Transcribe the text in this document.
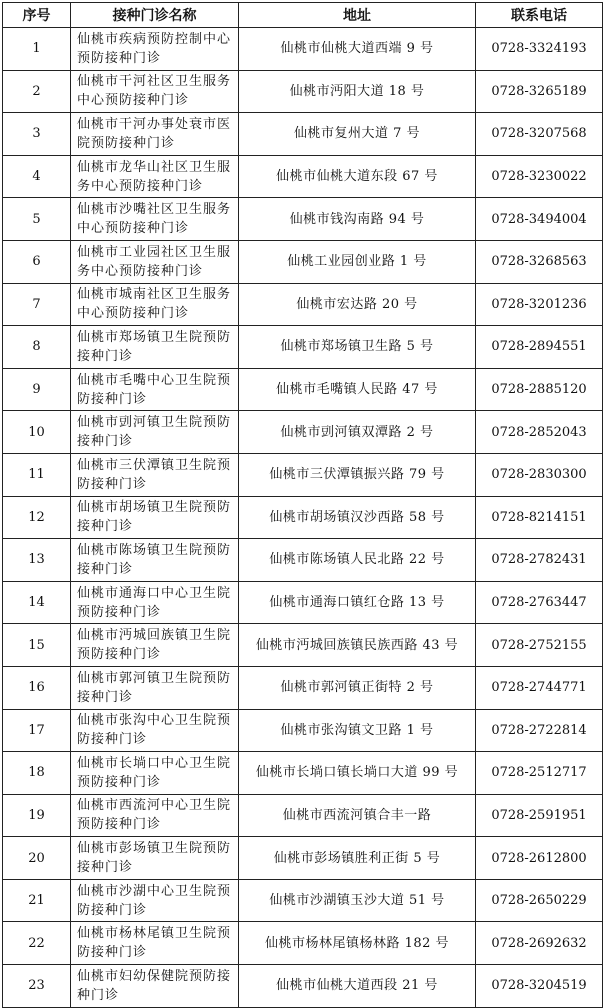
序号	接种门诊名称	地址	联系电话
1	仙桃市疾病预防控制中心预防接种门诊	仙桃市仙桃大道西端 9 号	0728-3324193
2	仙桃市干河社区卫生服务中心预防接种门诊	仙桃市沔阳大道 18 号	0728-3265189
3	仙桃市干河办事处衰市医院预防接种门诊	仙桃市复州大道 7 号	0728-3207568
4	仙桃市龙华山社区卫生服务中心预防接种门诊	仙桃市仙桃大道东段 67 号	0728-3230022
5	仙桃市沙嘴社区卫生服务中心预防接种门诊	仙桃市钱沟南路 94 号	0728-3494004
6	仙桃市工业园社区卫生服务中心预防接种门诊	仙桃工业园创业路 1 号	0728-3268563
7	仙桃市城南社区卫生服务中心预防接种门诊	仙桃市宏达路 20 号	0728-3201236
8	仙桃市郑场镇卫生院预防接种门诊	仙桃市郑场镇卫生路 5 号	0728-2894551
9	仙桃市毛嘴中心卫生院预防接种门诊	仙桃市毛嘴镇人民路 47 号	0728-2885120
10	仙桃市剅河镇卫生院预防接种门诊	仙桃市剅河镇双潭路 2 号	0728-2852043
11	仙桃市三伏潭镇卫生院预防接种门诊	仙桃市三伏潭镇振兴路 79 号	0728-2830300
12	仙桃市胡场镇卫生院预防接种门诊	仙桃市胡场镇汉沙西路 58 号	0728-8214151
13	仙桃市陈场镇卫生院预防接种门诊	仙桃市陈场镇人民北路 22 号	0728-2782431
14	仙桃市通海口中心卫生院预防接种门诊	仙桃市通海口镇红仓路 13 号	0728-2763447
15	仙桃市沔城回族镇卫生院预防接种门诊	仙桃市沔城回族镇民族西路 43 号	0728-2752155
16	仙桃市郭河镇卫生院预防接种门诊	仙桃市郭河镇正街特 2 号	0728-2744771
17	仙桃市张沟中心卫生院预防接种门诊	仙桃市张沟镇文卫路 1 号	0728-2722814
18	仙桃市长埫口中心卫生院预防接种门诊	仙桃市长埫口镇长埫口大道 99 号	0728-2512717
19	仙桃市西流河中心卫生院预防接种门诊	仙桃市西流河镇合丰一路	0728-2591951
20	仙桃市彭场镇卫生院预防接种门诊	仙桃市彭场镇胜利正街 5 号	0728-2612800
21	仙桃市沙湖中心卫生院预防接种门诊	仙桃市沙湖镇玉沙大道 51 号	0728-2650229
22	仙桃市杨林尾镇卫生院预防接种门诊	仙桃市杨林尾镇杨林路 182 号	0728-2692632
23	仙桃市妇幼保健院预防接种门诊	仙桃市仙桃大道西段 21 号	0728-3204519
